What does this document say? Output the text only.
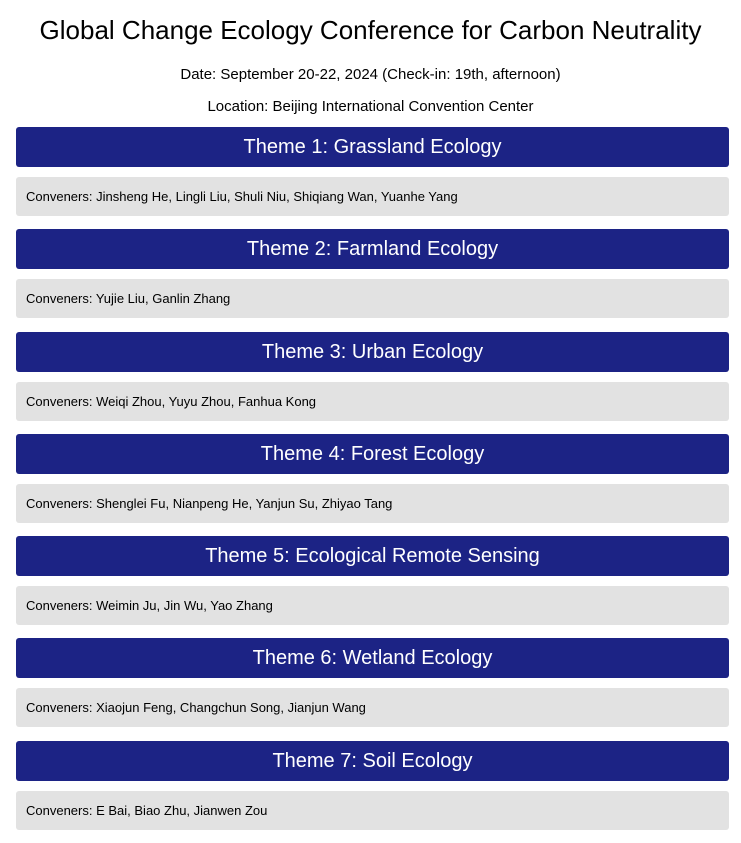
Global Change Ecology Conference for Carbon Neutrality

Date: September 20-22, 2024 (Check-in: 19th, afternoon)

Location: Beijing International Convention Center

Theme 1: Grassland Ecology
Conveners: Jinsheng He, Lingli Liu, Shuli Niu, Shiqiang Wan, Yuanhe Yang
Theme 2: Farmland Ecology
Conveners: Yujie Liu, Ganlin Zhang
Theme 3: Urban Ecology
Conveners: Weiqi Zhou, Yuyu Zhou, Fanhua Kong
Theme 4: Forest Ecology
Conveners: Shenglei Fu, Nianpeng He, Yanjun Su, Zhiyao Tang
Theme 5: Ecological Remote Sensing
Conveners: Weimin Ju, Jin Wu, Yao Zhang
Theme 6: Wetland Ecology
Conveners: Xiaojun Feng, Changchun Song, Jianjun Wang
Theme 7: Soil Ecology
Conveners: E Bai, Biao Zhu, Jianwen Zou
